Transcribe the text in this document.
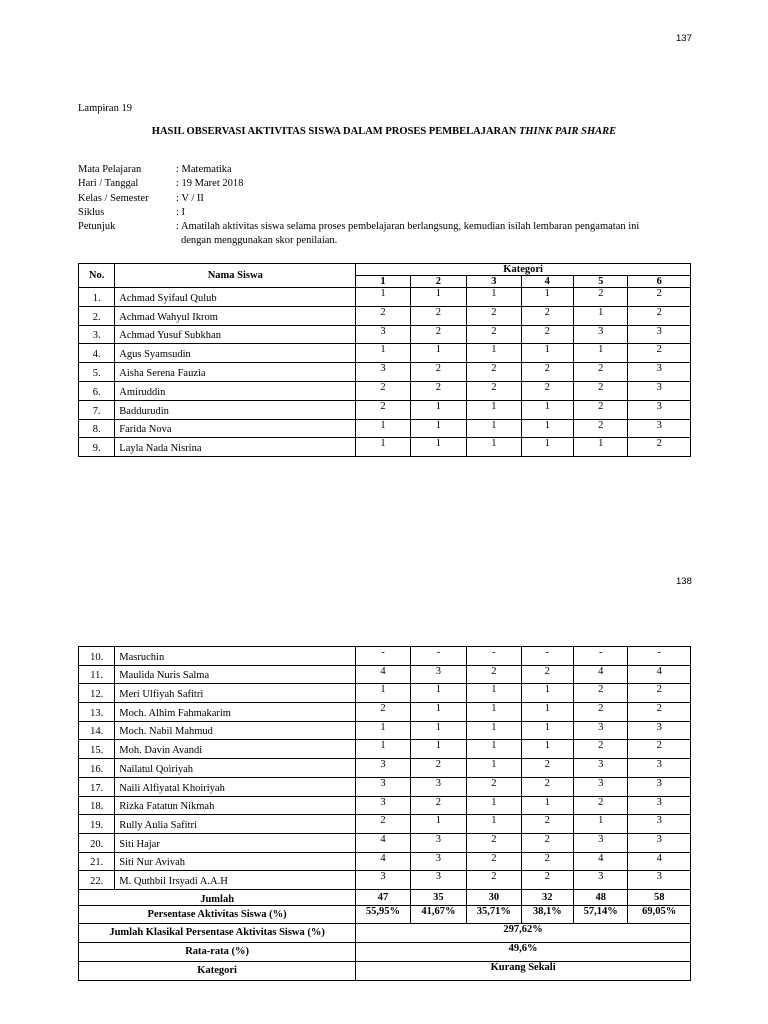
137
Lampiran 19
HASIL OBSERVASI AKTIVITAS SISWA DALAM PROSES PEMBELAJARAN THINK PAIR SHARE
Mata Pelajaran	: Matematika
Hari / Tanggal	: 19 Maret 2018
Kelas / Semester	: V / II
Siklus	: I
Petunjuk	: Amatilah aktivitas siswa selama proses pembelajaran berlangsung, kemudian isilah lembaran pengamatan ini
dengan menggunakan skor penilaian.
No.	Nama Siswa	Kategori					
		1	2	3	4	5	6
1.	Achmad Syifaul Qulub	1	1	1	1	2	2
2.	Achmad Wahyul Ikrom	2	2	2	2	1	2
3.	Achmad Yusuf Subkhan	3	2	2	2	3	3
4.	Agus Syamsudin	1	1	1	1	1	2
5.	Aisha Serena Fauzia	3	2	2	2	2	3
6.	Amiruddin	2	2	2	2	2	3
7.	Baddurudin	2	1	1	1	2	3
8.	Farida Nova	1	1	1	1	2	3
9.	Layla Nada Nisrina	1	1	1	1	1	2
138
10.	Masruchin	-	-	-	-	-	-
11.	Maulida Nuris Salma	4	3	2	2	4	4
12.	Meri Ulfiyah Safitri	1	1	1	1	2	2
13.	Moch. Alhim Fahmakarim	2	1	1	1	2	2
14.	Moch. Nabil Mahmud	1	1	1	1	3	3
15.	Moh. Davin Avandi	1	1	1	1	2	2
16.	Nailatul Qoiriyah	3	2	1	2	3	3
17.	Naili Alfiyatal Khoiriyah	3	3	2	2	3	3
18.	Rizka Fatatun Nikmah	3	2	1	1	2	3
19.	Rully Aulia Safitri	2	1	1	2	1	3
20.	Siti Hajar	4	3	2	2	3	3
21.	Siti Nur Avivah	4	3	2	2	4	4
22.	M. Quthbil Irsyadi A.A.H	3	3	2	2	3	3
Jumlah		47	35	30	32	48	58
Persentase Aktivitas Siswa (%)		55,95%	41,67%	35,71%	38,1%	57,14%	69,05%
Jumlah Klasikal Persentase Aktivitas Siswa (%)		297,62%					
Rata-rata (%)		49,6%					
Kategori		Kurang Sekali					
